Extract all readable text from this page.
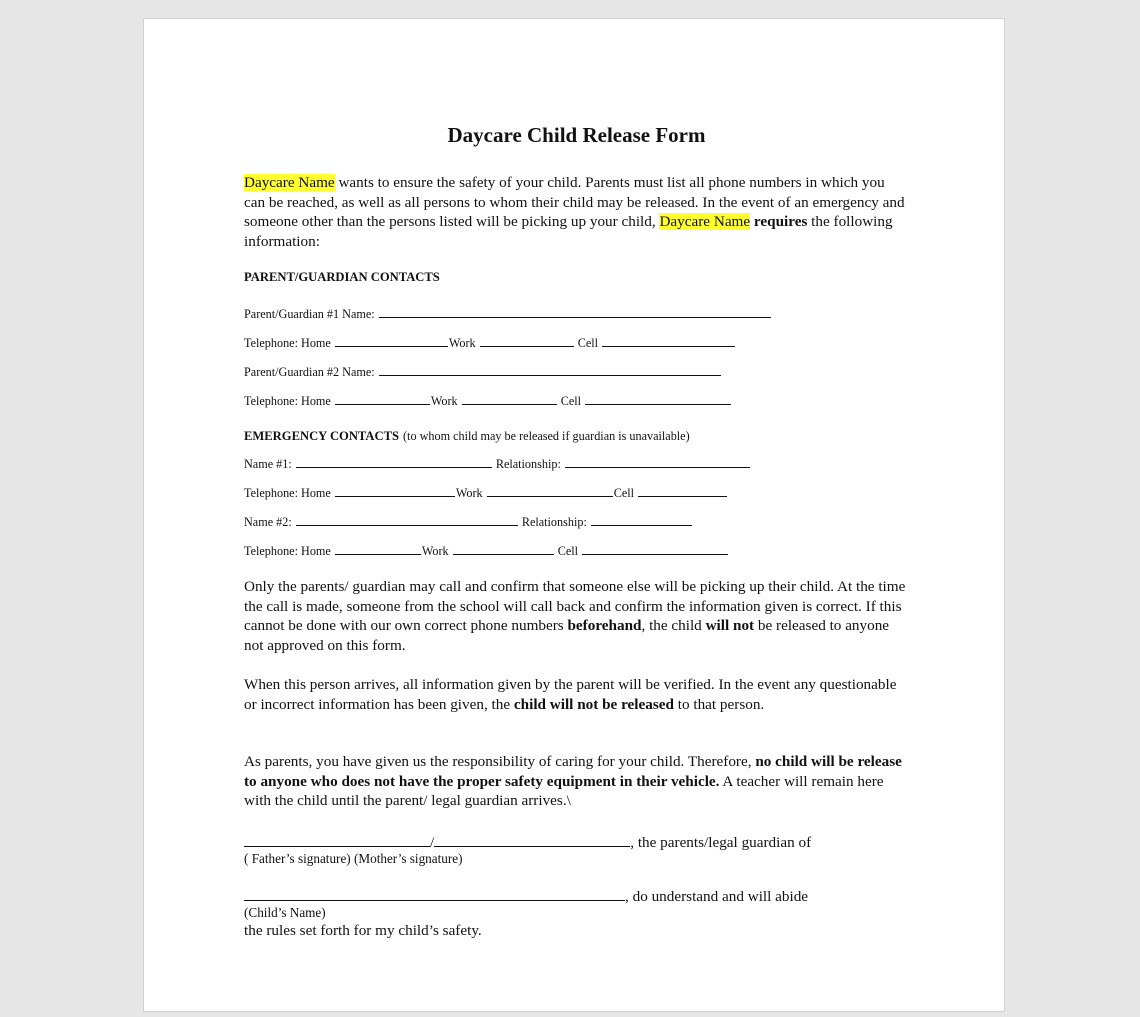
Daycare Child Release Form
Daycare Name wants to ensure the safety of your child. Parents must list all phone numbers in which you can be reached, as well as all persons to whom their child may be released. In the event of an emergency and someone other than the persons listed will be picking up your child, Daycare Name requires the following information:
PARENT/GUARDIAN CONTACTS
Parent/Guardian #1 Name:
Telephone: Home	Work	Cell
Parent/Guardian #2 Name:
Telephone: Home	Work	Cell
EMERGENCY CONTACTS (to whom child may be released if guardian is unavailable)
Name #1:	Relationship:
Telephone: Home	Work	Cell
Name #2:	Relationship:
Telephone: Home	Work	Cell
Only the parents/ guardian may call and confirm that someone else will be picking up their child. At the time the call is made, someone from the school will call back and confirm the information given is correct. If this cannot be done with our own correct phone numbers beforehand, the child will not be released to anyone not approved on this form.
When this person arrives, all information given by the parent will be verified. In the event any questionable or incorrect information has been given, the child will not be released to that person.
As parents, you have given us the responsibility of caring for your child. Therefore, no child will be release to anyone who does not have the proper safety equipment in their vehicle. A teacher will remain here with the child until the parent/ legal guardian arrives.\
/	, the parents/legal guardian of
( Father’s signature) (Mother’s signature)
, do understand and will abide
(Child’s Name)
the rules set forth for my child’s safety.
